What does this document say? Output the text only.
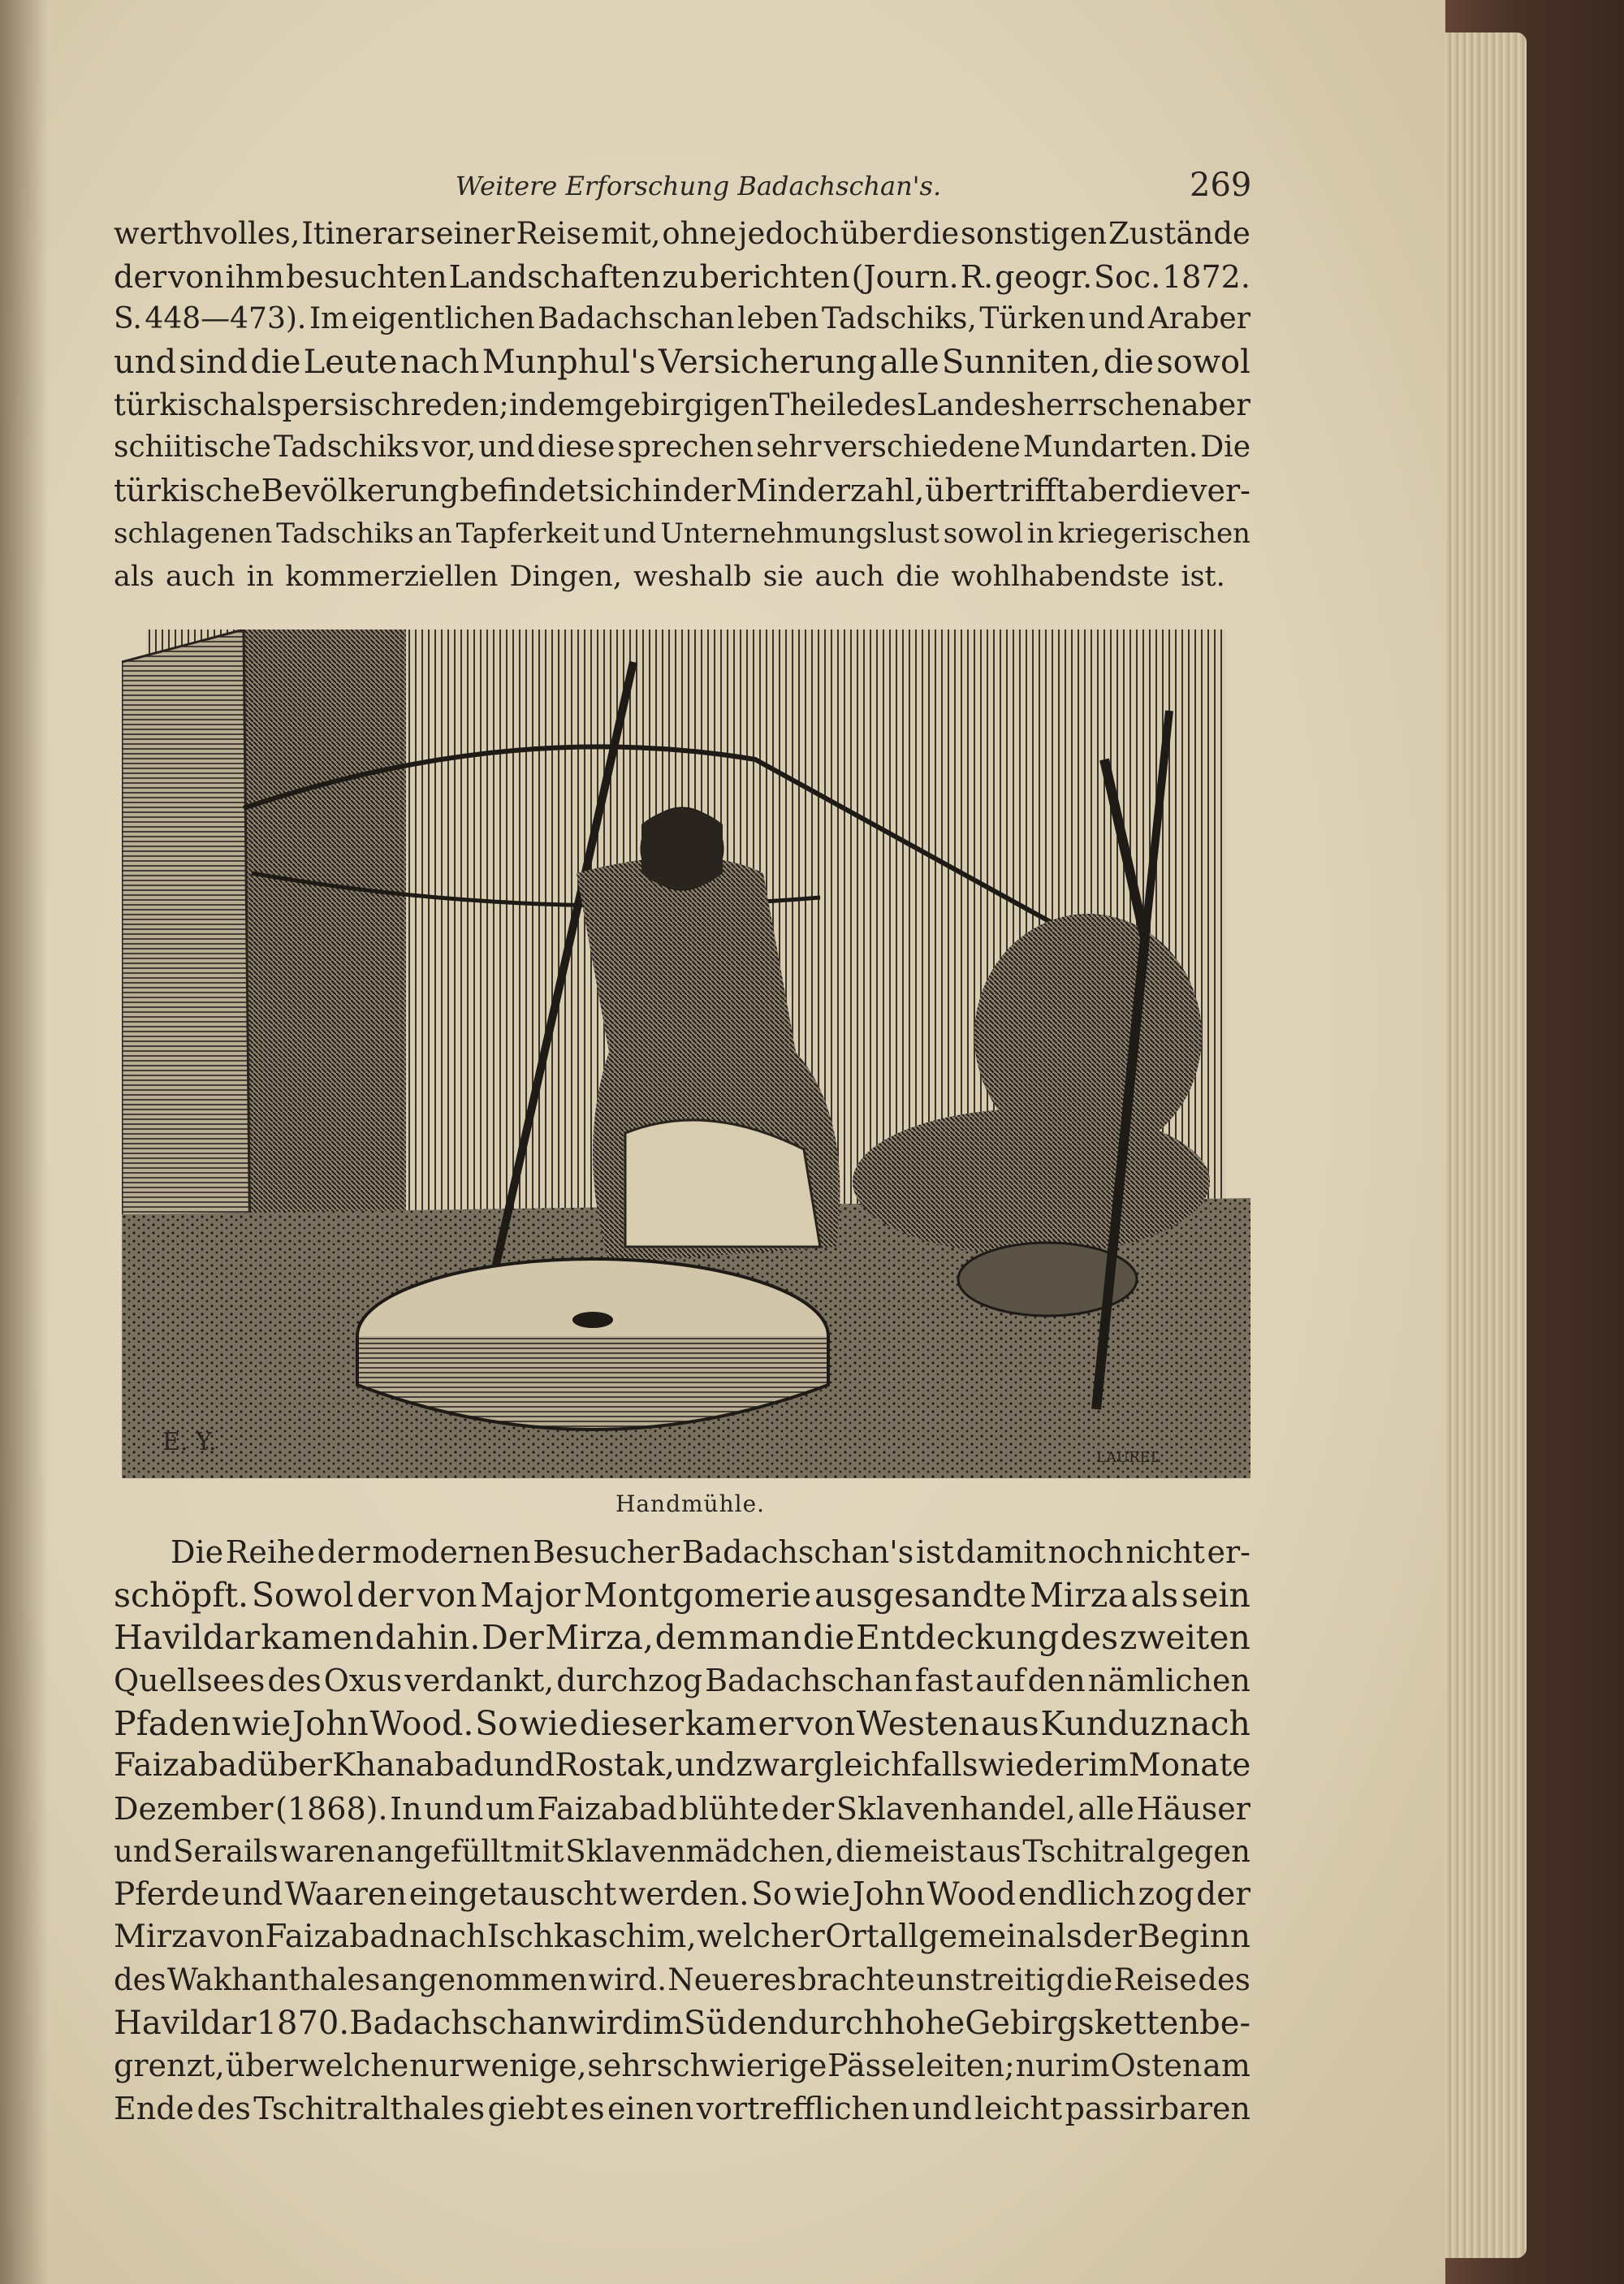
Weitere Erforschung Badachschan's.	269
werthvolles, Itinerar seiner Reise mit, ohne jedoch über die sonstigen Zustände
der von ihm besuchten Landschaften zu berichten (Journ. R. geogr. Soc. 1872.
S. 448—473). Im eigentlichen Badachschan leben Tadschiks, Türken und Araber
und sind die Leute nach Munphul's Versicherung alle Sunniten, die sowol
türkisch als persisch reden; in dem gebirgigen Theile des Landes herrschen aber
schiitische Tadschiks vor, und diese sprechen sehr verschiedene Mundarten. Die
türkische Bevölkerung befindet sich in der Minderzahl, übertrifft aber die ver-
schlagenen Tadschiks an Tapferkeit und Unternehmungslust sowol in kriegerischen
als auch in kommerziellen Dingen, weshalb sie auch die wohlhabendste ist.
E. Y.
LAUREL
Handmühle.
Die Reihe der modernen Besucher Badachschan's ist damit noch nicht er-
schöpft. Sowol der von Major Montgomerie ausgesandte Mirza als sein
Havildar kamen dahin. Der Mirza, dem man die Entdeckung des zweiten
Quellsees des Oxus verdankt, durchzog Badachschan fast auf den nämlichen
Pfaden wie John Wood. So wie dieser kam er von Westen aus Kunduz nach
Faizabad über Khanabad und Rostak, und zwar gleichfalls wieder im Monate
Dezember (1868). In und um Faizabad blühte der Sklavenhandel, alle Häuser
und Serails waren angefüllt mit Sklavenmädchen, die meist aus Tschitral gegen
Pferde und Waaren eingetauscht werden. So wie John Wood endlich zog der
Mirza von Faizabad nach Ischkaschim, welcher Ort allgemein als der Beginn
des Wakhanthales angenommen wird. Neueres brachte unstreitig die Reise des
Havildar 1870. Badachschan wird im Süden durch hohe Gebirgsketten be-
grenzt, über welche nur wenige, sehr schwierige Pässe leiten; nur im Osten am
Ende des Tschitralthales giebt es einen vortrefflichen und leicht passirbaren
